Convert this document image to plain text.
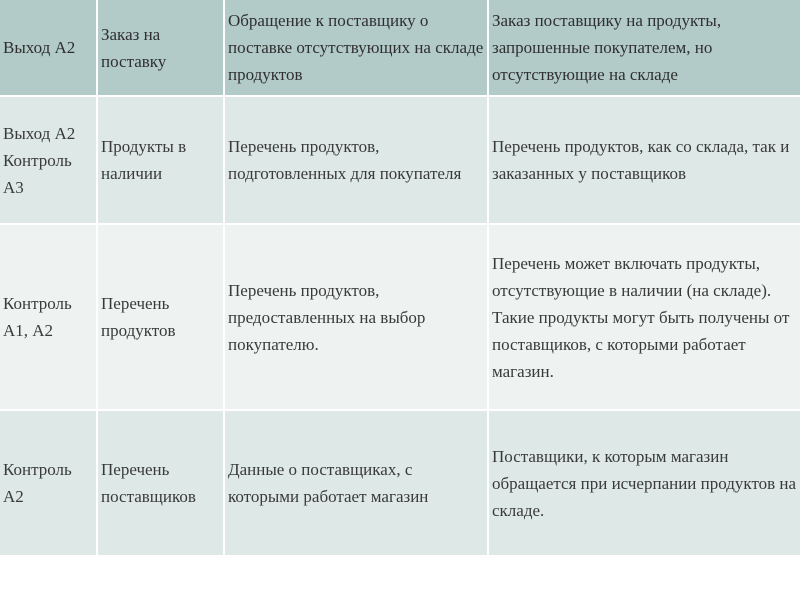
Выход А2	Заказ на поставку	Обращение к поставщику о поставке отсутствующих на складе продуктов	Заказ поставщику на продукты, запрошенные покупателем, но отсутствующие на складе

Выход А2 Контроль А3	Продукты в наличии	Перечень продуктов, подготовленных для покупателя	Перечень продуктов, как со склада, так и заказанных у поставщиков

Контроль А1, А2	Перечень продуктов	Перечень продуктов, предоставленных на выбор покупателю.	Перечень может включать продукты, отсутствующие в наличии (на складе). Такие продукты могут быть получены от поставщиков, с которыми работает магазин.

Контроль А2	Перечень поставщиков	Данные о поставщиках, с которыми работает магазин	Поставщики, к которым магазин обращается при исчерпании продуктов на складе.
